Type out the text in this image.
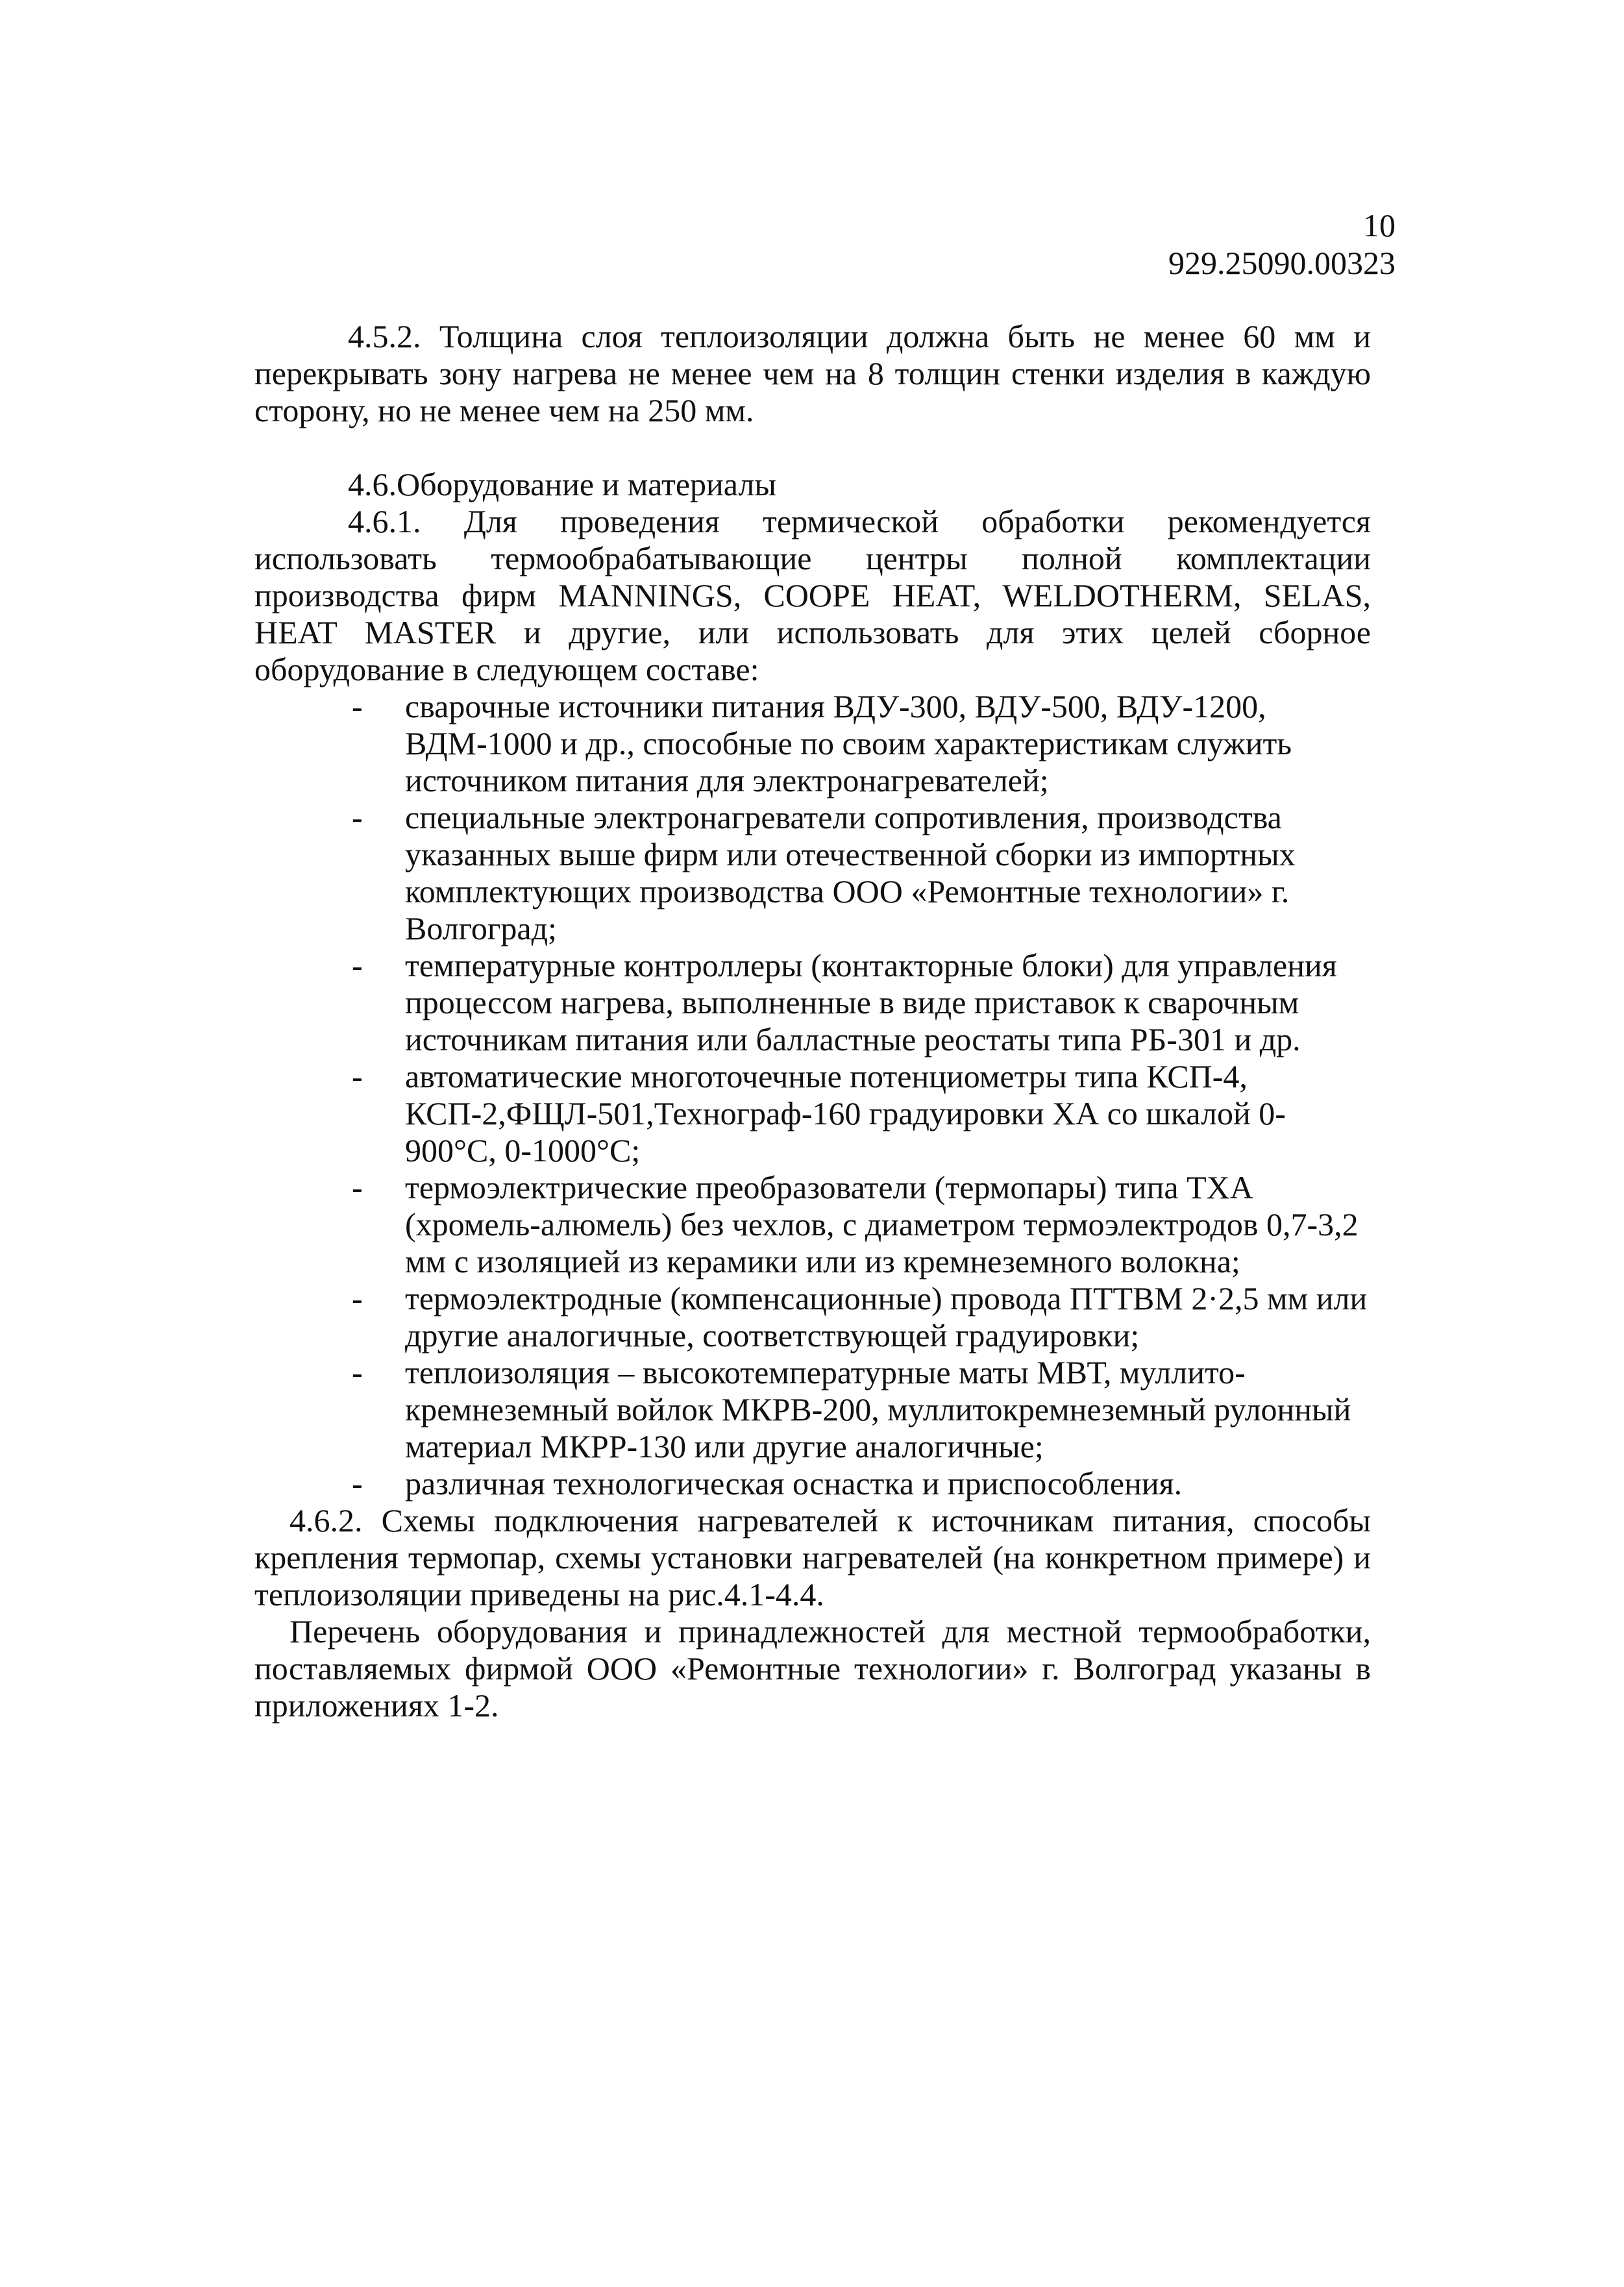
10
929.25090.00323

4.5.2. Толщина слоя теплоизоляции должна быть не менее 60 мм и перекрывать зону нагрева не менее чем на 8 толщин стенки изделия в каждую сторону, но не менее чем на 250 мм.

4.6.Оборудование и материалы

4.6.1. Для проведения термической обработки рекомендуется использовать термообрабатывающие центры полной комплектации производства фирм MANNINGS, COOPE HEAT, WELDOTHERM, SELAS, HEAT MASTER и другие, или использовать для этих целей сборное оборудование в следующем составе:

- сварочные источники питания ВДУ-300, ВДУ-500, ВДУ-1200, ВДМ-1000 и др., способные по своим характеристикам служить источником питания для электронагревателей;
- специальные электронагреватели сопротивления, производства указанных выше фирм или отечественной сборки из импортных комплектующих производства ООО «Ремонтные технологии» г. Волгоград;
- температурные контроллеры (контакторные блоки) для управления процессом нагрева, выполненные в виде приставок к сварочным источникам питания или балластные реостаты типа РБ-301 и др.
- автоматические многоточечные потенциометры типа КСП-4, КСП-2,ФЩЛ-501,Технограф-160 градуировки ХА со шкалой 0-900°С, 0-1000°С;
- термоэлектрические преобразователи (термопары) типа ТХА (хромель-алюмель) без чехлов, с диаметром термоэлектродов 0,7-3,2 мм с изоляцией из керамики или из кремнеземного волокна;
- термоэлектродные (компенсационные) провода ПТТВМ 2·2,5 мм или другие аналогичные, соответствующей градуировки;
- теплоизоляция – высокотемпературные маты МВТ, муллито-кремнеземный войлок МКРВ-200, муллитокремнеземный рулонный материал МКРР-130 или другие аналогичные;
- различная технологическая оснастка и приспособления.

4.6.2. Схемы подключения нагревателей к источникам питания, способы крепления термопар, схемы установки нагревателей (на конкретном примере) и теплоизоляции приведены на рис.4.1-4.4.

Перечень оборудования и принадлежностей для местной термообработки, поставляемых фирмой ООО «Ремонтные технологии» г. Волгоград указаны в приложениях 1-2.
